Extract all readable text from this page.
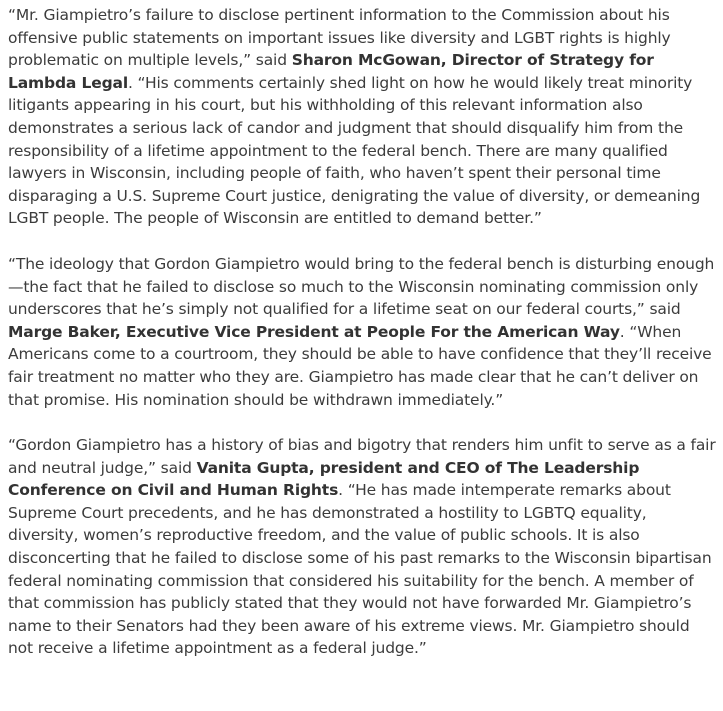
“Mr. Giampietro’s failure to disclose pertinent information to the Commission about his offensive public statements on important issues like diversity and LGBT rights is highly problematic on multiple levels,” said Sharon McGowan, Director of Strategy for Lambda Legal. “His comments certainly shed light on how he would likely treat minority litigants appearing in his court, but his withholding of this relevant information also demonstrates a serious lack of candor and judgment that should disqualify him from the responsibility of a lifetime appointment to the federal bench. There are many qualified lawyers in Wisconsin, including people of faith, who haven’t spent their personal time disparaging a U.S. Supreme Court justice, denigrating the value of diversity, or demeaning LGBT people. The people of Wisconsin are entitled to demand better.”

“The ideology that Gordon Giampietro would bring to the federal bench is disturbing enough—the fact that he failed to disclose so much to the Wisconsin nominating commission only underscores that he’s simply not qualified for a lifetime seat on our federal courts,” said Marge Baker, Executive Vice President at People For the American Way. “When Americans come to a courtroom, they should be able to have confidence that they’ll receive fair treatment no matter who they are. Giampietro has made clear that he can’t deliver on that promise. His nomination should be withdrawn immediately.”

“Gordon Giampietro has a history of bias and bigotry that renders him unfit to serve as a fair and neutral judge,” said Vanita Gupta, president and CEO of The Leadership Conference on Civil and Human Rights. “He has made intemperate remarks about Supreme Court precedents, and he has demonstrated a hostility to LGBTQ equality, diversity, women’s reproductive freedom, and the value of public schools. It is also disconcerting that he failed to disclose some of his past remarks to the Wisconsin bipartisan federal nominating commission that considered his suitability for the bench. A member of that commission has publicly stated that they would not have forwarded Mr. Giampietro’s name to their Senators had they been aware of his extreme views. Mr. Giampietro should not receive a lifetime appointment as a federal judge.”
